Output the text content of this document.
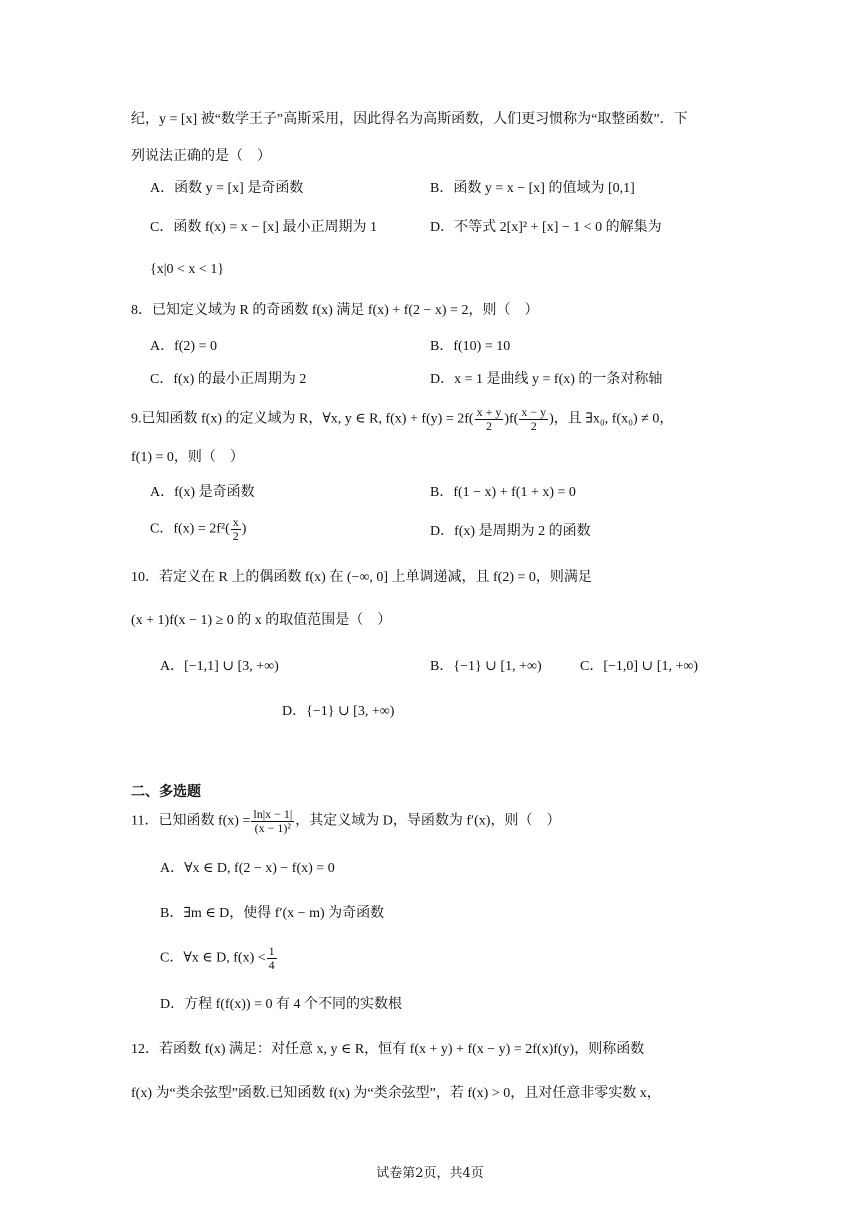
纪，y = [x] 被“数学王子”高斯采用，因此得名为高斯函数，人们更习惯称为“取整函数”．下
列说法正确的是（　）
A．函数 y = [x] 是奇函数	B．函数 y = x − [x] 的值域为 [0,1]
C．函数 f(x) = x − [x] 最小正周期为 1	D．不等式 2[x]² + [x] − 1 < 0 的解集为
{x|0 < x < 1}
8．已知定义域为 R 的奇函数 f(x) 满足 f(x) + f(2 − x) = 2，则（　）
A．f(2) = 0	B．f(10) = 10
C．f(x) 的最小正周期为 2	D．x = 1 是曲线 y = f(x) 的一条对称轴
9.已知函数 f(x) 的定义域为 R，∀x, y ∈ R, $f(x) + f(y) = 2f( \frac{x + y}{2} )f( \frac{x - y}{2}$ )，且 ∃x₀, f(x₀) ≠ 0，
f(1) = 0，则（　）
A．f(x) 是奇函数	B．f(1 − x) + f(1 + x) = 0
C．$f(x) = 2f^2( \frac{x}{2}$ )	D．f(x) 是周期为 2 的函数
10．若定义在 R 上的偶函数 f(x) 在 (−∞, 0] 上单调递减，且 f(2) = 0，则满足
(x + 1)f(x − 1) ≥ 0 的 x 的取值范围是（　）
A．[−1,1] ∪ [3, +∞)	B．{−1} ∪ [1, +∞)	C．[−1,0] ∪ [1, +∞)
D．{−1} ∪ [3, +∞)
二、多选题
11．已知函数 $f(x) = \frac{\ln|x - 1|}{\text{(x − 1)²}}$ ，其定义域为 D，导函数为 f′(x)，则（　）
A．∀x ∈ D, f(2 − x) − f(x) = 0
B．∃m ∈ D，使得 f′(x − m) 为奇函数
C．∀x ∈ D, $f(x) < \frac{1}{4}$
D．方程 f(f(x)) = 0 有 4 个不同的实数根
12．若函数 f(x) 满足：对任意 x, y ∈ R，恒有 f(x + y) + f(x − y) = 2f(x)f(y)，则称函数
f(x) 为“类余弦型”函数.已知函数 f(x) 为“类余弦型”，若 f(x) > 0，且对任意非零实数 x，
试卷第2页，共4页
